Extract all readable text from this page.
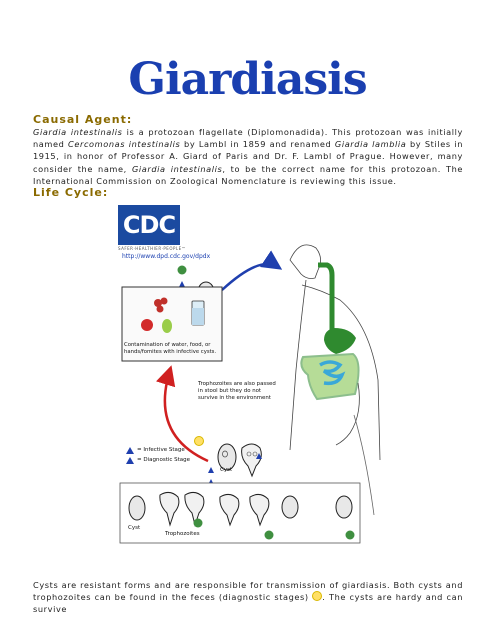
Giardiasis
Causal Agent:
Giardia intestinalis is a protozoan flagellate (Diplomonadida). This protozoan was initially named Cercomonas intestinalis by Lambl in 1859 and renamed Giardia lamblia by Stiles in 1915, in honor of Professor A. Giard of Paris and Dr. F. Lambl of Prague. However, many consider the name, Giardia intestinalis, to be the correct name for this protozoan. The International Commission on Zoological Nomenclature is reviewing this issue.
Life Cycle:
CDC
SAFER·HEALTHIER·PEOPLE™
http://www.dpd.cdc.gov/dpdx
Contamination of water, food, or hands/fomites with infective cysts.
Trophozoites are also passed in stool but they do not survive in the environment
= Infective Stage
= Diagnostic Stage
Cyst
Cyst
Trophozoites
Cysts are resistant forms and are responsible for transmission of giardiasis. Both cysts and trophozoites can be found in the feces (diagnostic stages) . The cysts are hardy and can survive
